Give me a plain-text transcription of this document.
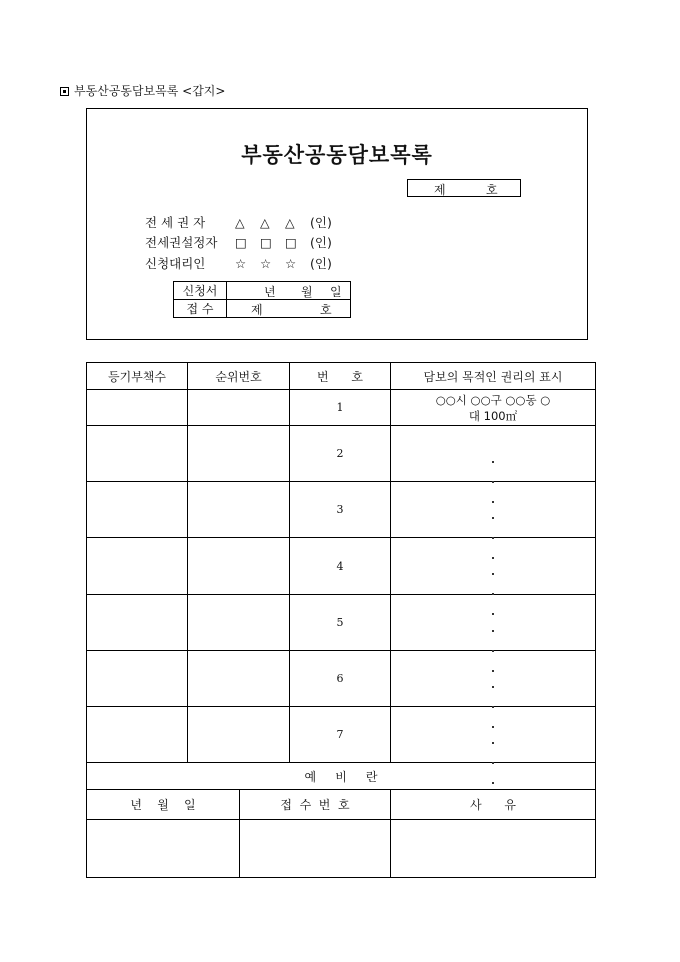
부동산공동담보목록 <갑지>
부동산공동담보목록
제	호
전 세 권 자 △ △ △ (인)
전세권설정자 □ □ □ (인)
신청대리인 ☆ ☆ ☆ (인)
신청서	년 월 일

접 수	제 호
등기부책수	순위번호		번      호	담보의 목적인 권리의 표시
			1	○○시 ○○구 ○○동 ○
대 100㎡

			2	

			3	

			4	

			5	

			6	

			7	

예     비     란				
년    월    일		접  수  번  호		사      유
